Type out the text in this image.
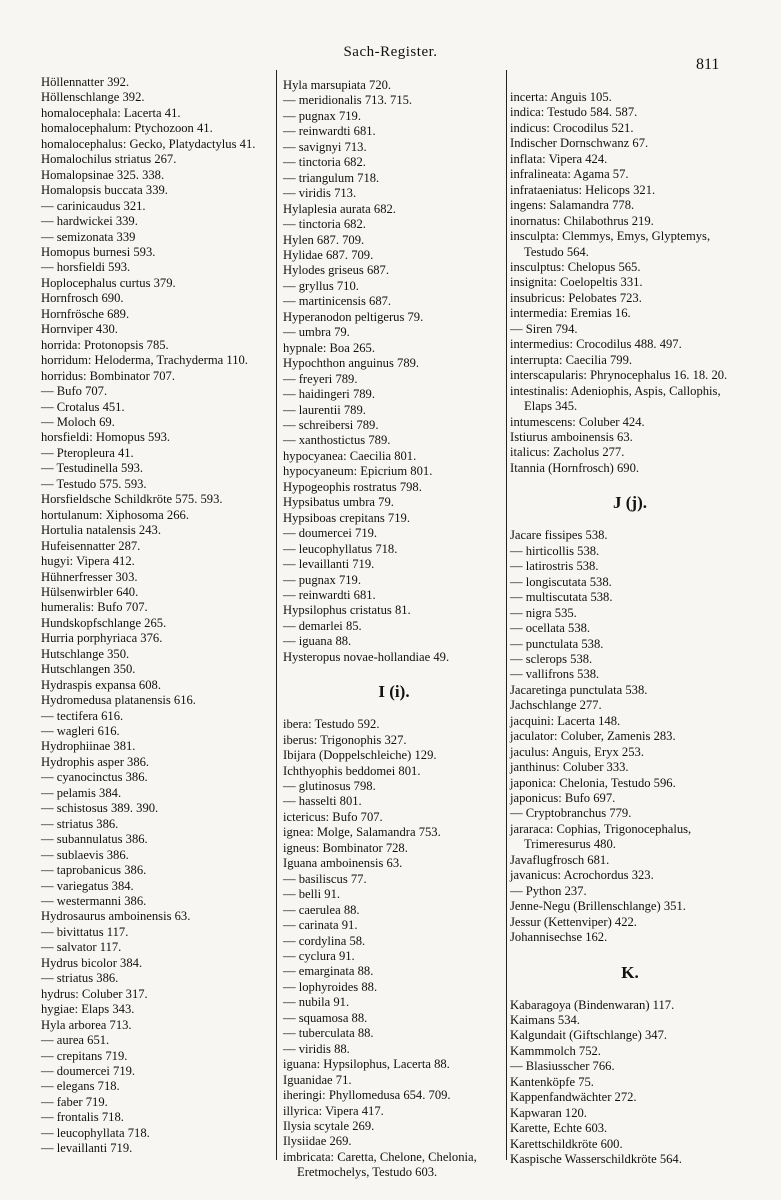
Sach-Register.
811

Höllennatter 392.

Höllenschlange 392.

homalocephala: Lacerta 41.

homalocephalum: Ptychozoon 41.

homalocephalus: Gecko, Platydactylus 41.

Homalochilus striatus 267.

Homalopsinae 325. 338.

Homalopsis buccata 339.

— carinicaudus 321.

— hardwickei 339.

— semizonata 339

Homopus burnesi 593.

— horsfieldi 593.

Hoplocephalus curtus 379.

Hornfrosch 690.

Hornfrösche 689.

Hornviper 430.

horrida: Protonopsis 785.

horridum: Heloderma, Trachyderma 110.

horridus: Bombinator 707.

— Bufo 707.

— Crotalus 451.

— Moloch 69.

horsfieldi: Homopus 593.

— Pteropleura 41.

— Testudinella 593.

— Testudo 575. 593.

Horsfieldsche Schildkröte 575. 593.

hortulanum: Xiphosoma 266.

Hortulia natalensis 243.

Hufeisennatter 287.

hugyi: Vipera 412.

Hühnerfresser 303.

Hülsenwirbler 640.

humeralis: Bufo 707.

Hundskopfschlange 265.

Hurria porphyriaca 376.

Hutschlange 350.

Hutschlangen 350.

Hydraspis expansa 608.

Hydromedusa platanensis 616.

— tectifera 616.

— wagleri 616.

Hydrophiinae 381.

Hydrophis asper 386.

— cyanocinctus 386.

— pelamis 384.

— schistosus 389. 390.

— striatus 386.

— subannulatus 386.

— sublaevis 386.

— taprobanicus 386.

— variegatus 384.

— westermanni 386.

Hydrosaurus amboinensis 63.

— bivittatus 117.

— salvator 117.

Hydrus bicolor 384.

— striatus 386.

hydrus: Coluber 317.

hygiae: Elaps 343.

Hyla arborea 713.

— aurea 651.

— crepitans 719.

— doumercei 719.

— elegans 718.

— faber 719.

— frontalis 718.

— leucophyllata 718.

— levaillanti 719.

Hyla marsupiata 720.

— meridionalis 713. 715.

— pugnax 719.

— reinwardti 681.

— savignyi 713.

— tinctoria 682.

— triangulum 718.

— viridis 713.

Hylaplesia aurata 682.

— tinctoria 682.

Hylen 687. 709.

Hylidae 687. 709.

Hylodes griseus 687.

— gryllus 710.

— martinicensis 687.

Hyperanodon peltigerus 79.

— umbra 79.

hypnale: Boa 265.

Hypochthon anguinus 789.

— freyeri 789.

— haidingeri 789.

— laurentii 789.

— schreibersi 789.

— xanthostictus 789.

hypocyanea: Caecilia 801.

hypocyaneum: Epicrium 801.

Hypogeophis rostratus 798.

Hypsibatus umbra 79.

Hypsiboas crepitans 719.

— doumercei 719.

— leucophyllatus 718.

— levaillanti 719.

— pugnax 719.

— reinwardti 681.

Hypsilophus cristatus 81.

— demarlei 85.

— iguana 88.

Hysteropus novae-hollandiae 49.

I (i).

ibera: Testudo 592.

iberus: Trigonophis 327.

Ibijara (Doppelschleiche) 129.

Ichthyophis beddomei 801.

— glutinosus 798.

— hasselti 801.

ictericus: Bufo 707.

ignea: Molge, Salamandra 753.

igneus: Bombinator 728.

Iguana amboinensis 63.

— basiliscus 77.

— belli 91.

— caerulea 88.

— carinata 91.

— cordylina 58.

— cyclura 91.

— emarginata 88.

— lophyroides 88.

— nubila 91.

— squamosa 88.

— tuberculata 88.

— viridis 88.

iguana: Hypsilophus, Lacerta 88.

Iguanidae 71.

iheringi: Phyllomedusa 654. 709.

illyrica: Vipera 417.

Ilysia scytale 269.

Ilysiidae 269.

imbricata: Caretta, Chelone, Chelonia, Eretmochelys, Testudo 603.

incerta: Anguis 105.

indica: Testudo 584. 587.

indicus: Crocodilus 521.

Indischer Dornschwanz 67.

inflata: Vipera 424.

infralineata: Agama 57.

infrataeniatus: Helicops 321.

ingens: Salamandra 778.

inornatus: Chilabothrus 219.

insculpta: Clemmys, Emys, Glyptemys, Testudo 564.

insculptus: Chelopus 565.

insignita: Coelopeltis 331.

insubricus: Pelobates 723.

intermedia: Eremias 16.

— Siren 794.

intermedius: Crocodilus 488. 497.

interrupta: Caecilia 799.

interscapularis: Phrynocephalus 16. 18. 20.

intestinalis: Adeniophis, Aspis, Callophis, Elaps 345.

intumescens: Coluber 424.

Istiurus amboinensis 63.

italicus: Zacholus 277.

Itannia (Hornfrosch) 690.

J (j).

Jacare fissipes 538.

— hirticollis 538.

— latirostris 538.

— longiscutata 538.

— multiscutata 538.

— nigra 535.

— ocellata 538.

— punctulata 538.

— sclerops 538.

— vallifrons 538.

Jacaretinga punctulata 538.

Jachschlange 277.

jacquini: Lacerta 148.

jaculator: Coluber, Zamenis 283.

jaculus: Anguis, Eryx 253.

janthinus: Coluber 333.

japonica: Chelonia, Testudo 596.

japonicus: Bufo 697.

— Cryptobranchus 779.

jararaca: Cophias, Trigonocephalus, Trimeresurus 480.

Javaflugfrosch 681.

javanicus: Acrochordus 323.

— Python 237.

Jenne-Negu (Brillenschlange) 351.

Jessur (Kettenviper) 422.

Johannisechse 162.

K.

Kabaragoya (Bindenwaran) 117.

Kaimans 534.

Kalgundait (Giftschlange) 347.

Kammmolch 752.

— Blasiusscher 766.

Kantenköpfe 75.

Kappenfandwächter 272.

Kapwaran 120.

Karette, Echte 603.

Karettschildkröte 600.

Kaspische Wasserschildkröte 564.
